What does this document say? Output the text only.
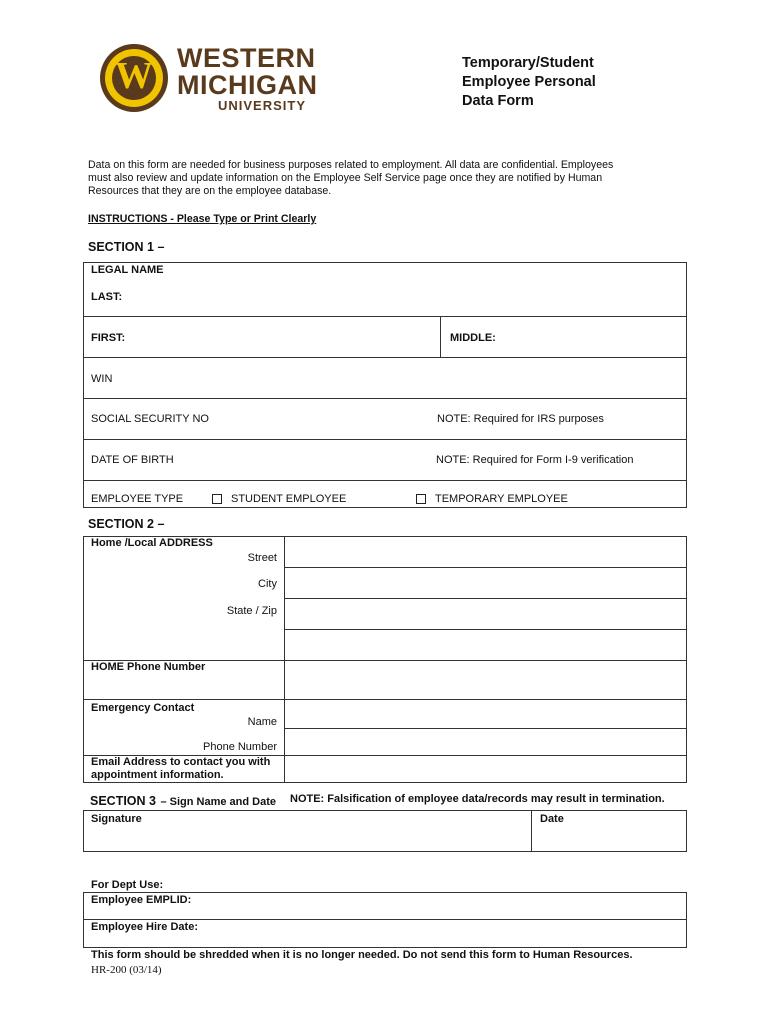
W WESTERN
MICHIGAN
UNIVERSITY
Temporary/Student
Employee Personal
Data Form
Data on this form are needed for business purposes related to employment. All data are confidential. Employees
must also review and update information on the Employee Self Service page once they are notified by Human
Resources that they are on the employee database.
INSTRUCTIONS - Please Type or Print Clearly
SECTION 1 –
LEGAL NAME
LAST:
FIRST:	MIDDLE:
WIN
SOCIAL SECURITY NO	NOTE: Required for IRS purposes
DATE OF BIRTH	NOTE: Required for Form I-9 verification
EMPLOYEE TYPE	STUDENT EMPLOYEE	TEMPORARY EMPLOYEE
SECTION 2 –
Home /Local ADDRESS
Street
City
State / Zip
HOME Phone Number
Emergency Contact
Name
Phone Number
Email Address to contact you with
appointment information.
SECTION 3 – Sign Name and Date NOTE: Falsification of employee data/records may result in termination.
Signature	Date
For Dept Use:
Employee EMPLID:
Employee Hire Date:
This form should be shredded when it is no longer needed. Do not send this form to Human Resources.
HR-200 (03/14)
